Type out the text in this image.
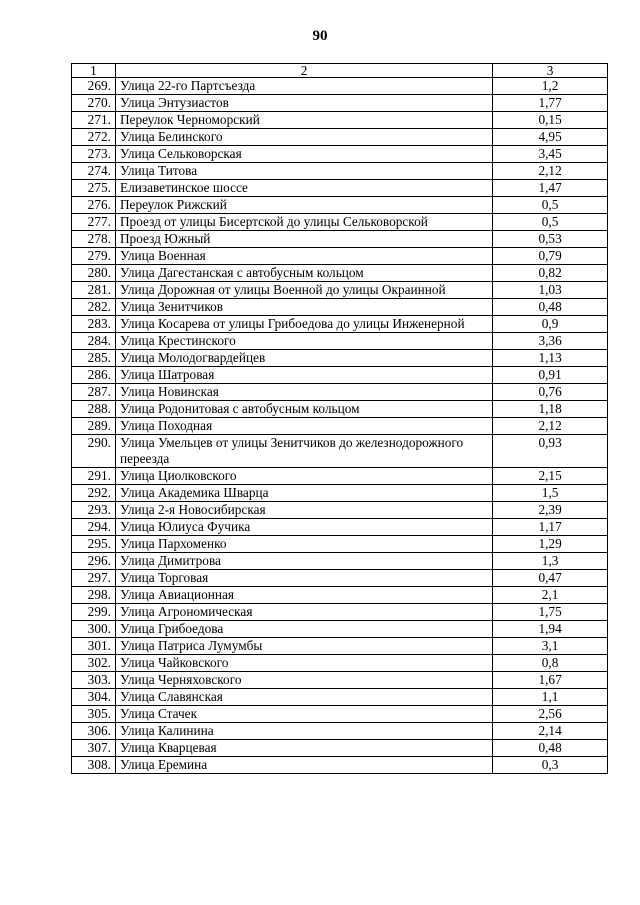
90
1	2	3
269.	Улица 22-го Партсъезда	1,2
270.	Улица Энтузиастов	1,77
271.	Переулок Черноморский	0,15
272.	Улица Белинского	4,95
273.	Улица Сельковорская	3,45
274.	Улица Титова	2,12
275.	Елизаветинское шоссе	1,47
276.	Переулок Рижский	0,5
277.	Проезд от улицы Бисертской до улицы Сельковорской	0,5
278.	Проезд Южный	0,53
279.	Улица Военная	0,79
280.	Улица Дагестанская с автобусным кольцом	0,82
281.	Улица Дорожная от улицы Военной до улицы Окраинной	1,03
282.	Улица Зенитчиков	0,48
283.	Улица Косарева от улицы Грибоедова до улицы Инженерной	0,9
284.	Улица Крестинского	3,36
285.	Улица Молодогвардейцев	1,13
286.	Улица Шатровая	0,91
287.	Улица Новинская	0,76
288.	Улица Родонитовая с автобусным кольцом	1,18
289.	Улица Походная	2,12
290.	Улица Умельцев от улицы Зенитчиков до железнодорожного переезда	0,93
291.	Улица Циолковского	2,15
292.	Улица Академика Шварца	1,5
293.	Улица 2-я Новосибирская	2,39
294.	Улица Юлиуса Фучика	1,17
295.	Улица Пархоменко	1,29
296.	Улица Димитрова	1,3
297.	Улица Торговая	0,47
298.	Улица Авиационная	2,1
299.	Улица Агрономическая	1,75
300.	Улица Грибоедова	1,94
301.	Улица Патриса Лумумбы	3,1
302.	Улица Чайковского	0,8
303.	Улица Черняховского	1,67
304.	Улица Славянская	1,1
305.	Улица Стачек	2,56
306.	Улица Калинина	2,14
307.	Улица Кварцевая	0,48
308.	Улица Еремина	0,3
